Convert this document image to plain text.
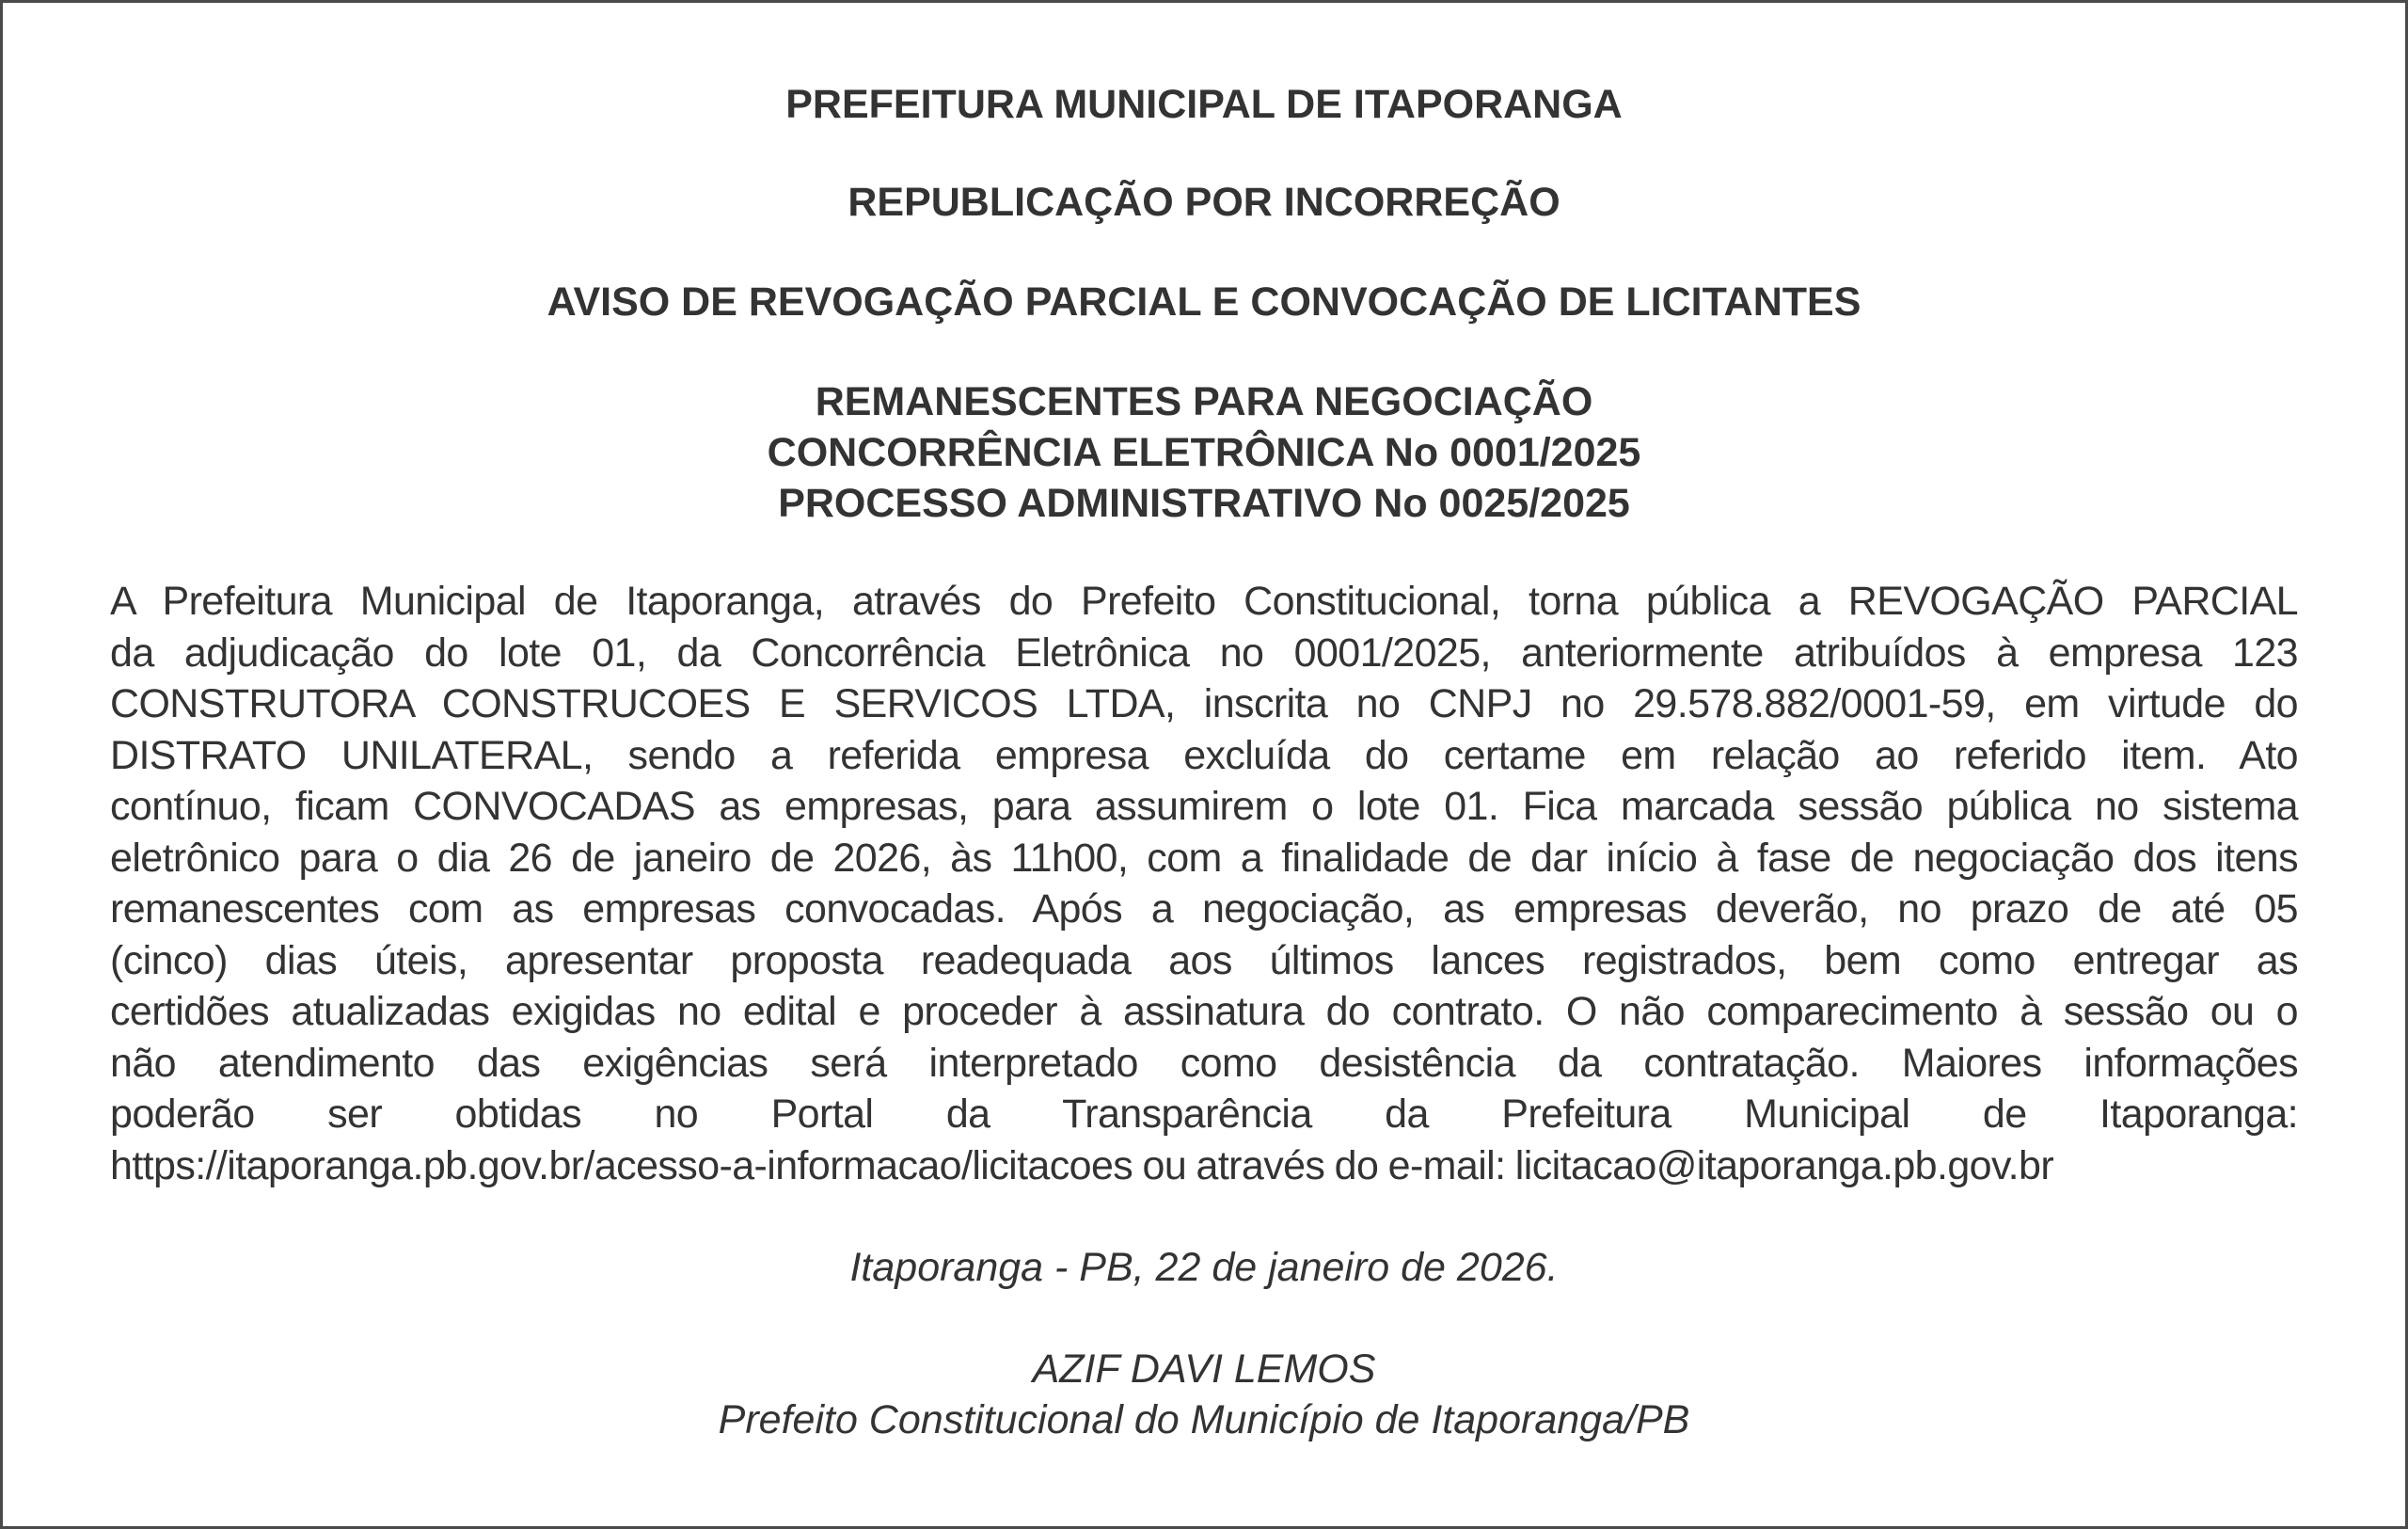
PREFEITURA MUNICIPAL DE ITAPORANGA

REPUBLICAÇÃO POR INCORREÇÃO

AVISO DE REVOGAÇÃO PARCIAL E CONVOCAÇÃO DE LICITANTES

REMANESCENTES PARA NEGOCIAÇÃO

CONCORRÊNCIA ELETRÔNICA No 0001/2025

PROCESSO ADMINISTRATIVO No 0025/2025

A Prefeitura Municipal de Itaporanga, através do Prefeito Constitucional, torna pública a REVOGAÇÃO PARCIAL
da adjudicação do lote 01, da Concorrência Eletrônica no 0001/2025, anteriormente atribuídos à empresa 123
CONSTRUTORA CONSTRUCOES E SERVICOS LTDA, inscrita no CNPJ no 29.578.882/0001-59, em virtude do
DISTRATO UNILATERAL, sendo a referida empresa excluída do certame em relação ao referido item. Ato
contínuo, ficam CONVOCADAS as empresas, para assumirem o lote 01. Fica marcada sessão pública no sistema
eletrônico para o dia 26 de janeiro de 2026, às 11h00, com a finalidade de dar início à fase de negociação dos itens
remanescentes com as empresas convocadas. Após a negociação, as empresas deverão, no prazo de até 05
(cinco) dias úteis, apresentar proposta readequada aos últimos lances registrados, bem como entregar as
certidões atualizadas exigidas no edital e proceder à assinatura do contrato. O não comparecimento à sessão ou o
não atendimento das exigências será interpretado como desistência da contratação. Maiores informações
poderão ser obtidas no Portal da Transparência da Prefeitura Municipal de Itaporanga:
https://itaporanga.pb.gov.br/acesso-a-informacao/licitacoes ou através do e-mail: licitacao@itaporanga.pb.gov.br

Itaporanga - PB, 22 de janeiro de 2026.

AZIF DAVI LEMOS

Prefeito Constitucional do Município de Itaporanga/PB
